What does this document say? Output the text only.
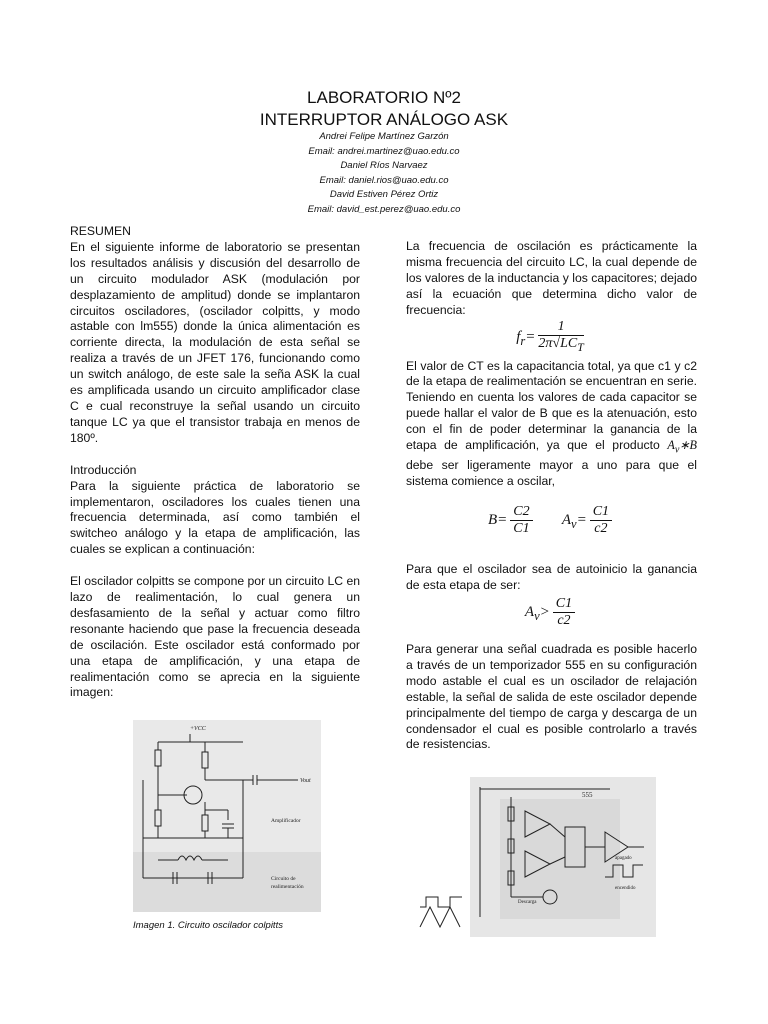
LABORATORIO Nº2
INTERRUPTOR ANÁLOGO ASK
Andrei Felipe Martínez Garzón
Email: andrei.martinez@uao.edu.co
Daniel Ríos Narvaez
Email: daniel.rios@uao.edu.co
David Estiven Pérez Ortiz
Email: david_est.perez@uao.edu.co

RESUMEN

En el siguiente informe de laboratorio se presentan los resultados análisis y discusión del desarrollo de un circuito modulador ASK (modulación por desplazamiento de amplitud) donde se implantaron circuitos osciladores, (oscilador colpitts, y modo astable con lm555) donde la única alimentación es corriente directa, la modulación de esta señal se realiza a través de un JFET 176, funcionando como un switch análogo, de este sale la seña ASK la cual es amplificada usando un circuito amplificador clase C e cual reconstruye la señal usando un circuito tanque LC ya que el transistor trabaja en menos de 180º.

Introducción

Para la siguiente práctica de laboratorio se implementaron, osciladores los cuales tienen una frecuencia determinada, así como también el switcheo análogo y la etapa de amplificación, las cuales se explican a continuación:

El oscilador colpitts se compone por un circuito LC en lazo de realimentación, lo cual genera un desfasamiento de la señal y actuar como filtro resonante haciendo que pase la frecuencia deseada de oscilación. Este oscilador está conformado por una etapa de amplificación, y una etapa de realimentación como se aprecia en la siguiente imagen:

+VCC
Vout
Amplificador
Circuito de
realimentación
Imagen 1. Circuito oscilador colpitts

La frecuencia de oscilación es prácticamente la misma frecuencia del circuito LC, la cual depende de los valores de la inductancia y los capacitores; dejado así la ecuación que determina dicho valor de frecuencia:

$f_r= \frac{1}{2\pi√LC_T}$

El valor de CT es la capacitancia total, ya que c1 y c2 de la etapa de realimentación se encuentran en serie. Teniendo en cuenta los valores de cada capacitor se puede hallar el valor de B que es la atenuación, esto con el fin de poder determinar la ganancia de la etapa de amplificación, ya que el producto $A_v∗B$ debe ser ligeramente mayor a uno para que el sistema comience a oscilar,

$B= \frac{C2}{C1} A_v= \frac{C1}{c2}$

Para que el oscilador sea de autoinicio la ganancia de esta etapa de ser:

$A_v> \frac{C1}{c2}$

Para generar una señal cuadrada es posible hacerlo a través de un temporizador 555 en su configuración modo astable el cual es un oscilador de relajación estable, la señal de salida de este oscilador depende principalmente del tiempo de carga y descarga de un condensador el cual es posible controlarlo a través de resistencias.

555
Descarga
apagado
encendido
